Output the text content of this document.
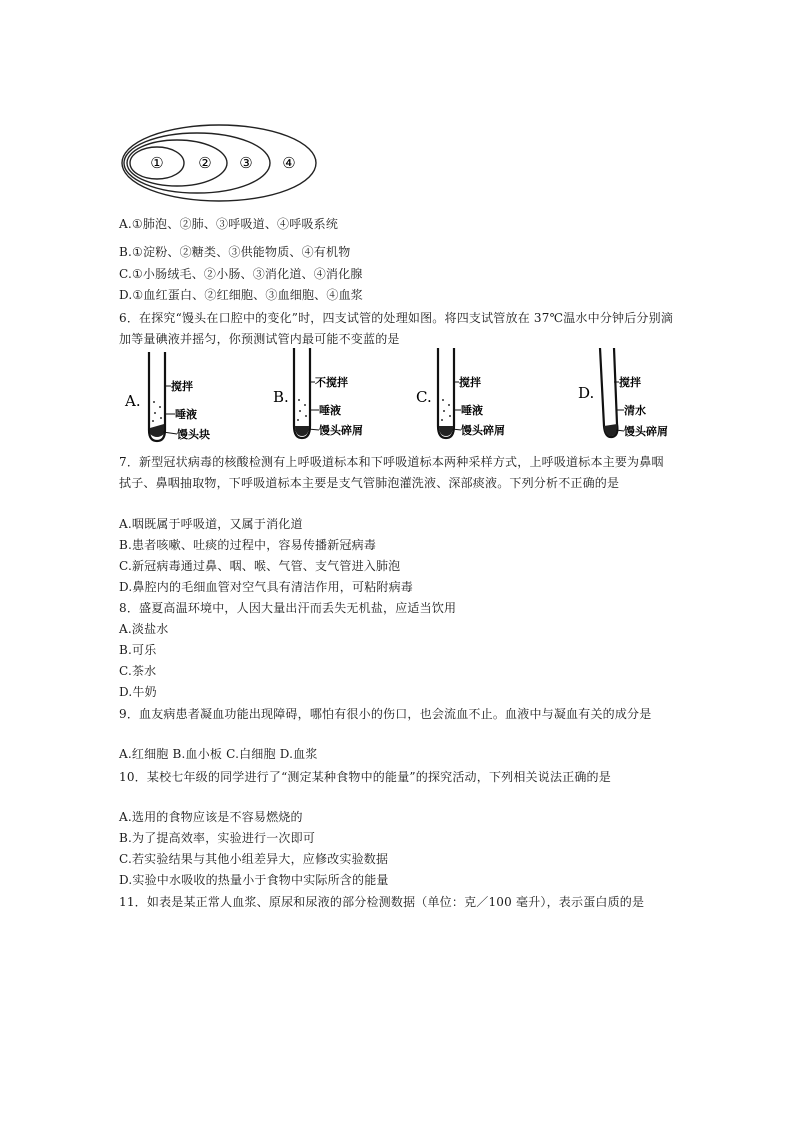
① ② ③ ④
A.①肺泡、②肺、③呼吸道、④呼吸系统
B.①淀粉、②糖类、③供能物质、④有机物
C.①小肠绒毛、②小肠、③消化道、④消化腺
D.①血红蛋白、②红细胞、③血细胞、④血浆
6．在探究“馒头在口腔中的变化”时，四支试管的处理如图。将四支试管放在 37℃温水中分钟后分别滴加等量碘液并摇匀，你预测试管内最可能不变蓝的是
A.
搅拌
唾液
馒头块
B.
不搅拌
唾液
馒头碎屑
C.
搅拌
唾液
馒头碎屑
D.
搅拌
清水
馒头碎屑
7．新型冠状病毒的核酸检测有上呼吸道标本和下呼吸道标本两种采样方式，上呼吸道标本主要为鼻咽拭子、鼻咽抽取物，下呼吸道标本主要是支气管肺泡灌洗液、深部痰液。下列分析不正确的是
A.咽既属于呼吸道，又属于消化道
B.患者咳嗽、吐痰的过程中，容易传播新冠病毒
C.新冠病毒通过鼻、咽、喉、气管、支气管进入肺泡
D.鼻腔内的毛细血管对空气具有清洁作用，可粘附病毒
8．盛夏高温环境中，人因大量出汗而丢失无机盐，应适当饮用
A.淡盐水
B.可乐
C.茶水
D.牛奶
9．血友病患者凝血功能出现障碍，哪怕有很小的伤口，也会流血不止。血液中与凝血有关的成分是
A.红细胞 B.血小板 C.白细胞 D.血浆
10．某校七年级的同学进行了“测定某种食物中的能量”的探究活动，下列相关说法正确的是
A.选用的食物应该是不容易燃烧的
B.为了提高效率，实验进行一次即可
C.若实验结果与其他小组差异大，应修改实验数据
D.实验中水吸收的热量小于食物中实际所含的能量
11．如表是某正常人血浆、原尿和尿液的部分检测数据（单位：克／100 毫升），表示蛋白质的是
